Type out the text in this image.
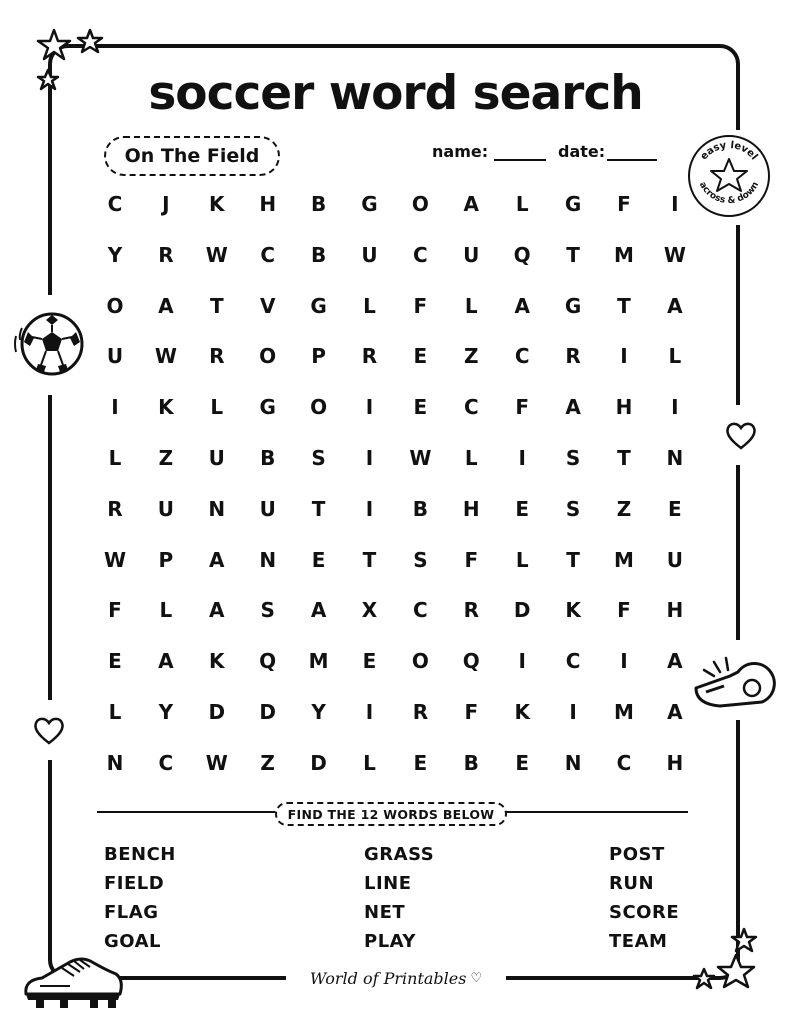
soccer word search
On The Field	name:	date:	easy level
across & down
C	J	K	H	B	G	O	A	L	G	F	I
Y	R	W	C	B	U	C	U	Q	T	M	W
O	A	T	V	G	L	F	L	A	G	T	A
U	W	R	O	P	R	E	Z	C	R	I	L
I	K	L	G	O	I	E	C	F	A	H	I
L	Z	U	B	S	I	W	L	I	S	T	N
R	U	N	U	T	I	B	H	E	S	Z	E
W	P	A	N	E	T	S	F	L	T	M	U
F	L	A	S	A	X	C	R	D	K	F	H
E	A	K	Q	M	E	O	Q	I	C	I	A
L	Y	D	D	Y	I	R	F	K	I	M	A
N	C	W	Z	D	L	E	B	E	N	C	H
FIND THE 12 WORDS BELOW
BENCH
FIELD
FLAG
GOAL
GRASS
LINE
NET
PLAY
POST
RUN
SCORE
TEAM
World of Printables ♡
